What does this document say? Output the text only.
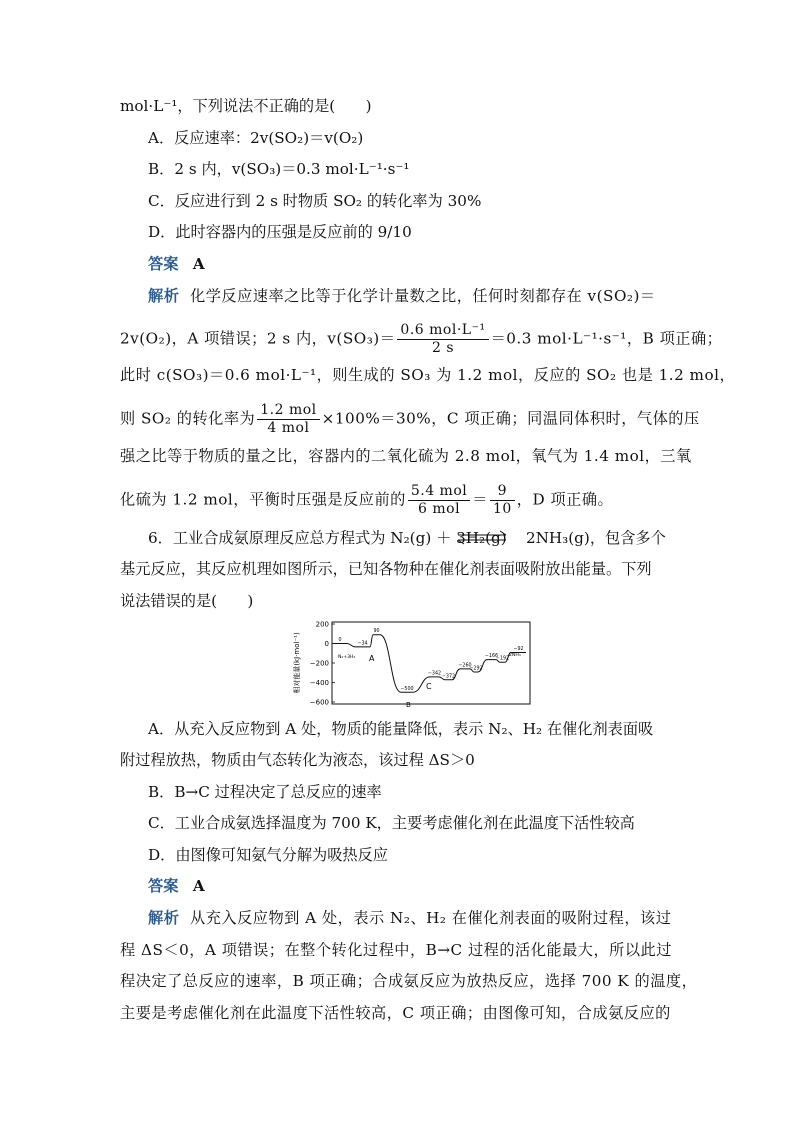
mol·L⁻¹，下列说法不正确的是(　　)
A．反应速率：2v(SO₂)＝v(O₂)
B．2 s 内，v(SO₃)＝0.3 mol·L⁻¹·s⁻¹
C．反应进行到 2 s 时物质 SO₂ 的转化率为 30%
D．此时容器内的压强是反应前的 9/10
答案 A
解析 化学反应速率之比等于化学计量数之比，任何时刻都存在 v(SO₂)＝
2v(O₂)，A 项错误；2 s 内，$v(SO_3)= \frac{\text{0.6 mol·L⁻¹}}{2 s} =0.3$ mol·L⁻¹·s⁻¹，B 项正确；
此时 c(SO₃)＝0.6 mol·L⁻¹，则生成的 SO₃ 为 1.2 mol，反应的 SO₂ 也是 1.2 mol，
则 SO₂ 的转化率为 $\frac{\text{1.2 mol}}{\text{4 mol}} \times 100\%=30\%$，C 项正确；同温同体积时，气体的压
强之比等于物质的量之比，容器内的二氧化硫为 2.8 mol，氧气为 1.4 mol，三氧
化硫为 1.2 mol，平衡时压强是反应前的 $\frac{\text{5.4 mol}}{\text{6 mol}} = \frac{9}{10}$ ，D 项正确。
6．工业合成氨原理反应总方程式为 N₂(g) ＋ 3H₂(g)    2NH₃(g)，包含多个
基元反应，其反应机理如图所示，已知各物种在催化剂表面吸附放出能量。下列
说法错误的是(　　)
相对能量(kJ·mol⁻¹)
200
0
−200
−400
−600
0
−34
90
−500
−342
−372
−260
−292
−166
−192
−92
N₂+3H₂ A
B
C
2NH₃
A．从充入反应物到 A 处，物质的能量降低，表示 N₂、H₂ 在催化剂表面吸
附过程放热，物质由气态转化为液态，该过程 ΔS＞0
B．B→C 过程决定了总反应的速率
C．工业合成氨选择温度为 700 K，主要考虑催化剂在此温度下活性较高
D．由图像可知氨气分解为吸热反应
答案 A
解析 从充入反应物到 A 处，表示 N₂、H₂ 在催化剂表面的吸附过程，该过
程 ΔS＜0，A 项错误；在整个转化过程中，B→C 过程的活化能最大，所以此过
程决定了总反应的速率，B 项正确；合成氨反应为放热反应，选择 700 K 的温度，
主要是考虑催化剂在此温度下活性较高，C 项正确；由图像可知，合成氨反应的
